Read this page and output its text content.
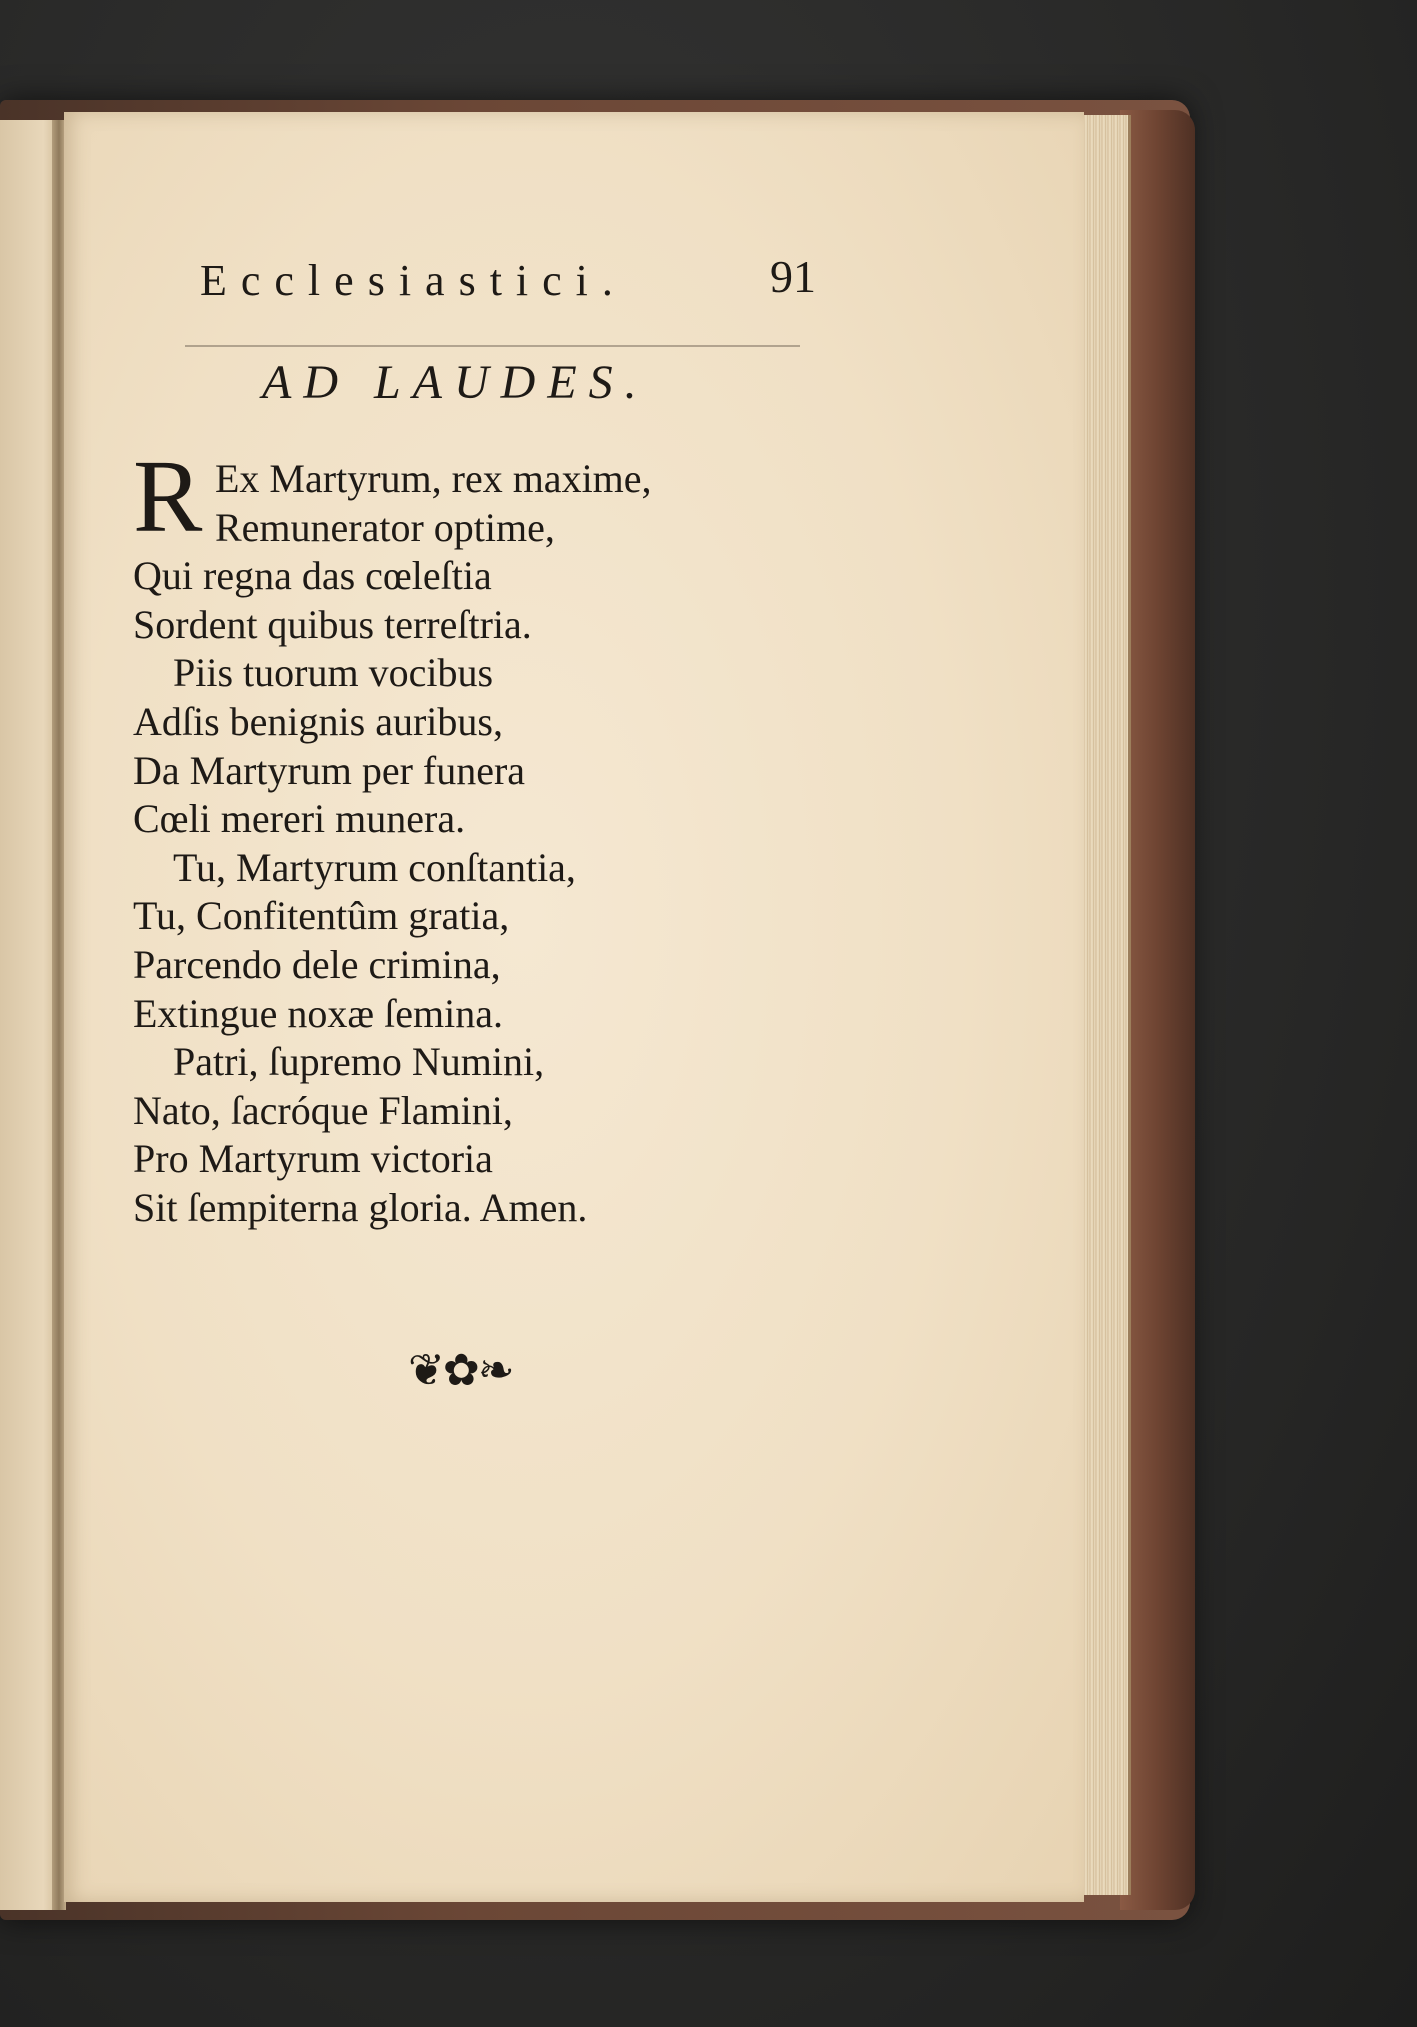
Ecclesiastici.	91
AD LAUDES.
R Ex Martyrum, rex maxime,
Remunerator optime,
Qui regna das cœleſtia
Sordent quibus terreſtria.
Piis tuorum vocibus
Adſis benignis auribus,
Da Martyrum per funera
Cœli mereri munera.
Tu, Martyrum conſtantia,
Tu, Confitentûm gratia,
Parcendo dele crimina,
Extingue noxæ ſemina.
Patri, ſupremo Numini,
Nato, ſacróque Flamini,
Pro Martyrum victoria
Sit ſempiterna gloria. Amen.
❦✿❧
